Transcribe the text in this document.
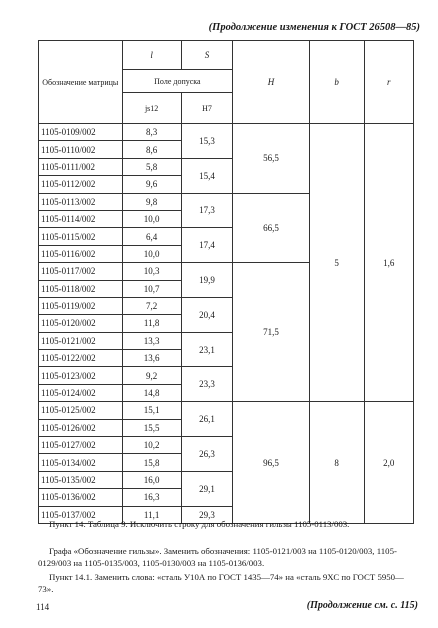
(Продолжение изменения к ГОСТ 26508—85)
Обозначение матрицы	l	S	H	b	r
	Поле допуска				
	js12	H7			
1105-0109/002	8,3	15,3	56,5	5	1,6
1105-0110/002	8,6				
1105-0111/002	5,8	15,4			
1105-0112/002	9,6				
1105-0113/002	9,8	17,3	66,5		
1105-0114/002	10,0				
1105-0115/002	6,4	17,4			
1105-0116/002	10,0				
1105-0117/002	10,3	19,9	71,5		
1105-0118/002	10,7				
1105-0119/002	7,2	20,4			
1105-0120/002	11,8				
1105-0121/002	13,3	23,1			
1105-0122/002	13,6				
1105-0123/002	9,2	23,3			
1105-0124/002	14,8				
1105-0125/002	15,1	26,1	96,5	8	2,0
1105-0126/002	15,5				
1105-0127/002	10,2	26,3			
1105-0134/002	15,8				
1105-0135/002	16,0	29,1			
1105-0136/002	16,3				
1105-0137/002	11,1	29,3			
Пункт 14. Таблица 9. Исключить строку для обозначения гильзы 1105-0113/003.
Графа «Обозначение гильзы». Заменить обозначения: 1105-0121/003 на 1105-0120/003, 1105-0129/003 на 1105-0135/003, 1105-0130/003 на 1105-0136/003.
Пункт 14.1. Заменить слова: «сталь У10А по ГОСТ 1435—74» на «сталь 9ХС по ГОСТ 5950—73».
114	(Продолжение см. с. 115)
